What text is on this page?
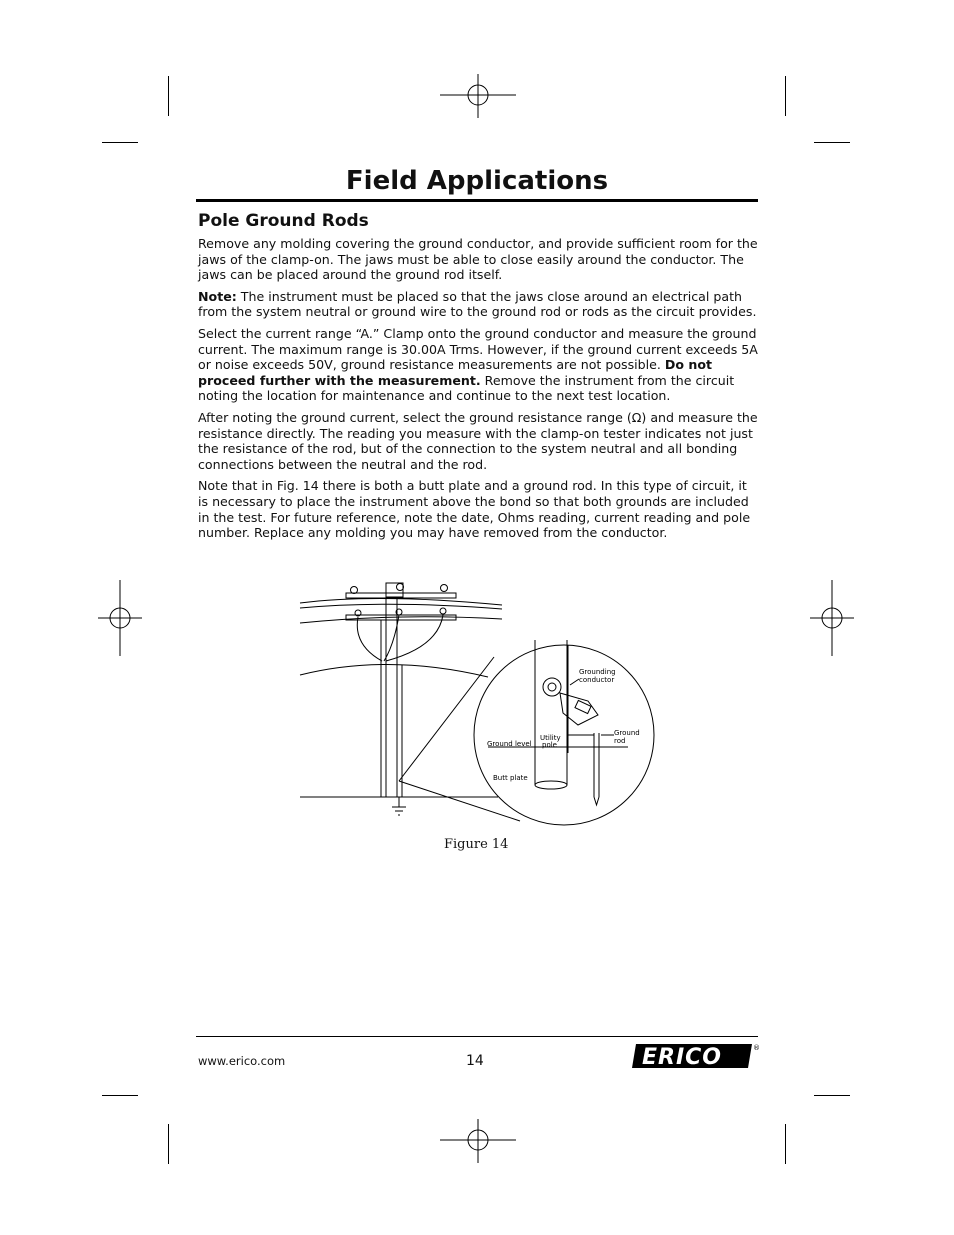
Field Applications
Pole Ground Rods

Remove any molding covering the ground conductor, and provide sufficient room for the jaws of the clamp-on. The jaws must be able to close easily around the conductor. The jaws can be placed around the ground rod itself.

Note: The instrument must be placed so that the jaws close around an electrical path from the system neutral or ground wire to the ground rod or rods as the circuit provides.

Select the current range “A.” Clamp onto the ground conductor and measure the ground current. The maximum range is 30.00A Trms. However, if the ground current exceeds 5A or noise exceeds 50V, ground resistance measurements are not possible. Do not proceed further with the measurement. Remove the instrument from the circuit noting the location for maintenance and continue to the next test location.

After noting the ground current, select the ground resistance range (Ω) and measure the resistance directly. The reading you measure with the clamp-on tester indicates not just the resistance of the rod, but of the connection to the system neutral and all bonding connections between the neutral and the rod.

Note that in Fig. 14 there is both a butt plate and a ground rod. In this type of circuit, it is necessary to place the instrument above the bond so that both grounds are included in the test. For future reference, note the date, Ohms reading, current reading and pole number. Replace any molding you may have removed from the conductor.

Grounding
conductor
Ground level
Utility
pole
Ground
rod
Butt plate
Figure 14
www.erico.com	14	ERICO	®
